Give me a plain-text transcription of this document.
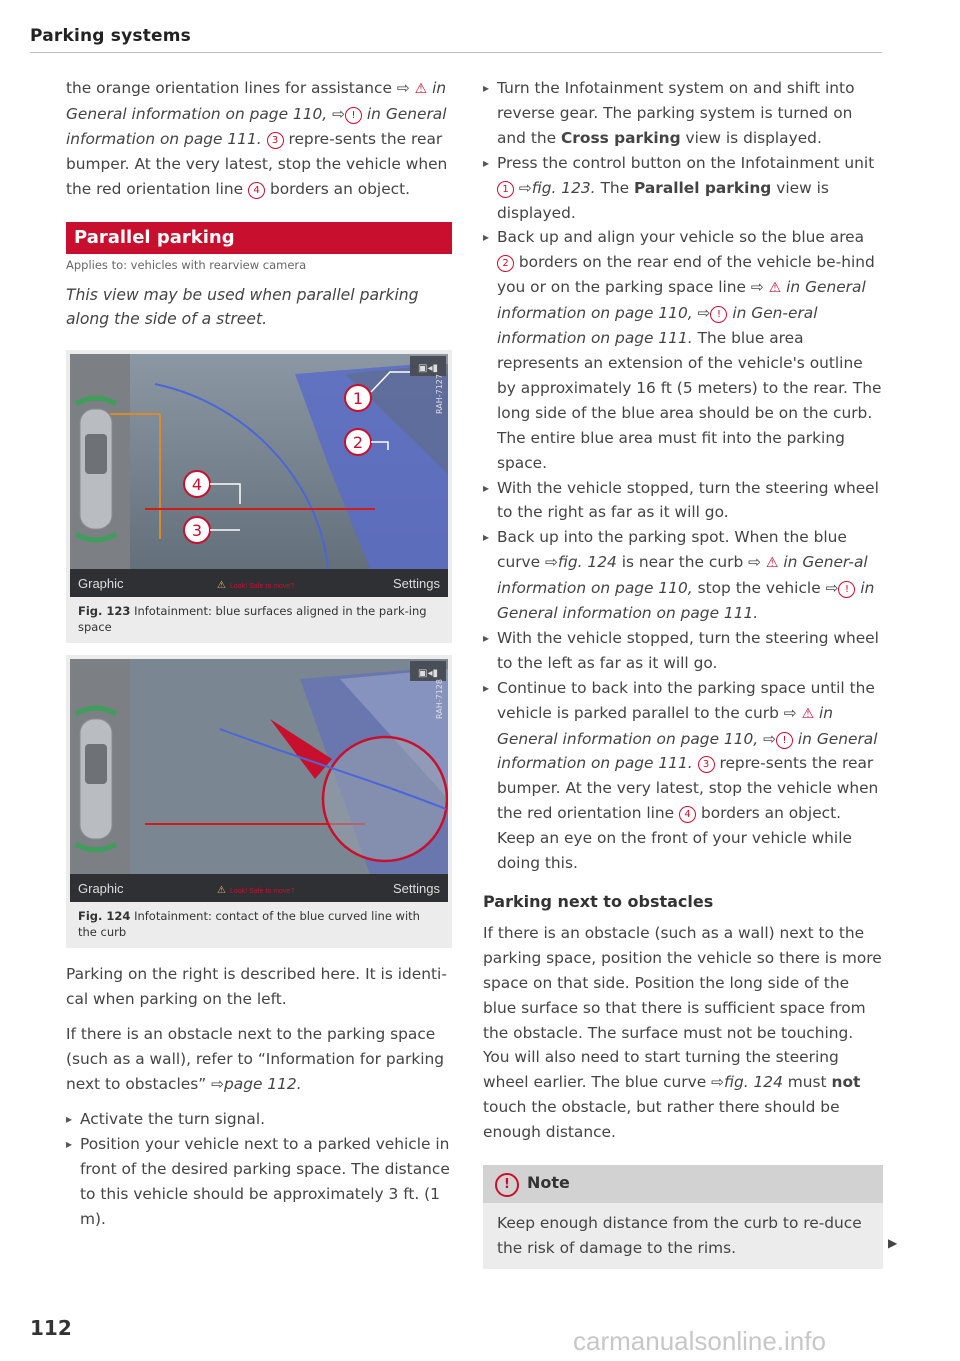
Parking systems

the orange orientation lines for assistance ⇨ ⚠ in General information on page 110, ⇨ ! in General information on page 111. 3 repre-sents the rear bumper. At the very latest, stop the vehicle when the red orientation line 4 borders an object.

Parallel parking
Applies to: vehicles with rearview camera

This view may be used when parallel parking along the side of a street.

1
2
4
3
▣◂▮
Graphic	⚠ Look! Safe to move?	Settings
RAH-7127
Fig. 123 Infotainment: blue surfaces aligned in the park-ing space
▣◂▮
Graphic	⚠ Look! Safe to move?	Settings
RAH-7128
Fig. 124 Infotainment: contact of the blue curved line with the curb

Parking on the right is described here. It is identi-cal when parking on the left.

If there is an obstacle next to the parking space (such as a wall), refer to “Information for parking next to obstacles” ⇨page 112.

▸ Activate the turn signal.
▸ Position your vehicle next to a parked vehicle in front of the desired parking space. The distance to this vehicle should be approximately 3 ft. (1 m).
▸ Turn the Infotainment system on and shift into reverse gear. The parking system is turned on and the Cross parking view is displayed.
▸ Press the control button on the Infotainment unit 1 ⇨fig. 123. The Parallel parking view is displayed.
▸ Back up and align your vehicle so the blue area 2 borders on the rear end of the vehicle be-hind you or on the parking space line ⇨ ⚠ in General information on page 110, ⇨ ! in Gen-eral information on page 111. The blue area represents an extension of the vehicle's outline by approximately 16 ft (5 meters) to the rear. The long side of the blue area should be on the curb. The entire blue area must fit into the parking space.
▸ With the vehicle stopped, turn the steering wheel to the right as far as it will go.
▸ Back up into the parking spot. When the blue curve ⇨fig. 124 is near the curb ⇨ ⚠ in Gener-al information on page 110, stop the vehicle ⇨ ! in General information on page 111.
▸ With the vehicle stopped, turn the steering wheel to the left as far as it will go.
▸ Continue to back into the parking space until the vehicle is parked parallel to the curb ⇨ ⚠ in General information on page 110, ⇨ ! in General information on page 111. 3 repre-sents the rear bumper. At the very latest, stop the vehicle when the red orientation line 4 borders an object. Keep an eye on the front of your vehicle while doing this.
Parking next to obstacles

If there is an obstacle (such as a wall) next to the parking space, position the vehicle so there is more space on that side. Position the long side of the blue surface so that there is sufficient space from the obstacle. The surface must not be touching. You will also need to start turning the steering wheel earlier. The blue curve ⇨fig. 124 must not touch the obstacle, but rather there should be enough distance.

! Note
Keep enough distance from the curb to re-duce the risk of damage to the rims.	▶
112	carmanualsonline.info
